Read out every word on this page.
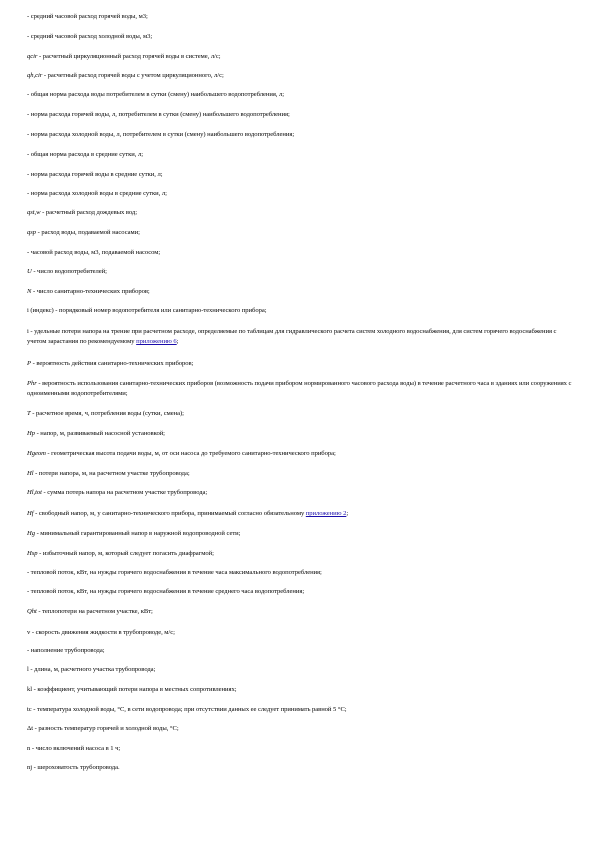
- средний часовой расход горячей воды, м3;
- средний часовой расход холодной воды, м3;
qcir - расчетный циркуляционный расход горячей воды в системе, л/с;
qh,cir - расчетный расход горячей воды с учетом циркуляционного, л/с;
- общая норма расхода воды потребителем в сутки (смену) наибольшего водопотребления, л;
- норма расхода горячей воды, л, потребителем в сутки (смену) наибольшего водопотребления;
- норма расхода холодной воды, л, потребителем в сутки (смену) наибольшего водопотребления;
- общая норма расхода в средние сутки, л;
- норма расхода горячей воды в средние сутки, л;
- норма расхода холодной воды в средние сутки, л;
qst,w - расчетный расход дождевых вод;
qsp - расход воды, подаваемой насосами;
- часовой расход воды, м3, подаваемой насосом;
U - число водопотребителей;
N - число санитарно-технических приборов;
i (индекс) - порядковый номер водопотребителя или санитарно-технического прибора;
i - удельные потери напора на трение при расчетном расходе, определяемые по таблицам для гидравлического расчета систем холодного водоснабжения, для систем горячего водоснабжения с учетом зарастания по рекомендуемому приложению 6;
P - вероятность действия санитарно-технических приборов;
Phr - вероятность использования санитарно-технических приборов (возможность подачи прибором нормированного часового расхода воды) в течение расчетного часа в зданиях или сооружениях с одноименными водопотребителями;
T - расчетное время, ч, потребления воды (сутки, смена);
Hp - напор, м, развиваемый насосной установкой;
Hgeom - геометрическая высота подачи воды, м, от оси насоса до требуемого санитарно-технического прибора;
Hl - потери напора, м, на расчетном участке трубопровода;
Hl,tot - сумма потерь напора на расчетном участке трубопровода;
Hf - свободный напор, м, у санитарно-технического прибора, принимаемый согласно обязательному приложению 2;
Hg - минимальный гарантированный напор в наружной водопроводной сети;
Hsp - избыточный напор, м, который следует погасить диафрагмой;
- тепловой поток, кВт, на нужды горячего водоснабжения в течение часа максимального водопотребления;
- тепловой поток, кВт, на нужды горячего водоснабжения в течение среднего часа водопотребления;
Qht - теплопотери на расчетном участке, кВт;
v - скорость движения жидкости в трубопроводе, м/с;
- наполнение трубопровода;
l - длина, м, расчетного участка трубопровода;
kl - коэффициент, учитывающий потери напора в местных сопротивлениях;
tc - температура холодной воды, °С, в сети водопровода; при отсутствии данных ее следует принимать равной 5 °С;
Δt - разность температур горячей и холодной воды, °С;
n - число включений насоса в 1 ч;
nj - шероховатость трубопровода.
